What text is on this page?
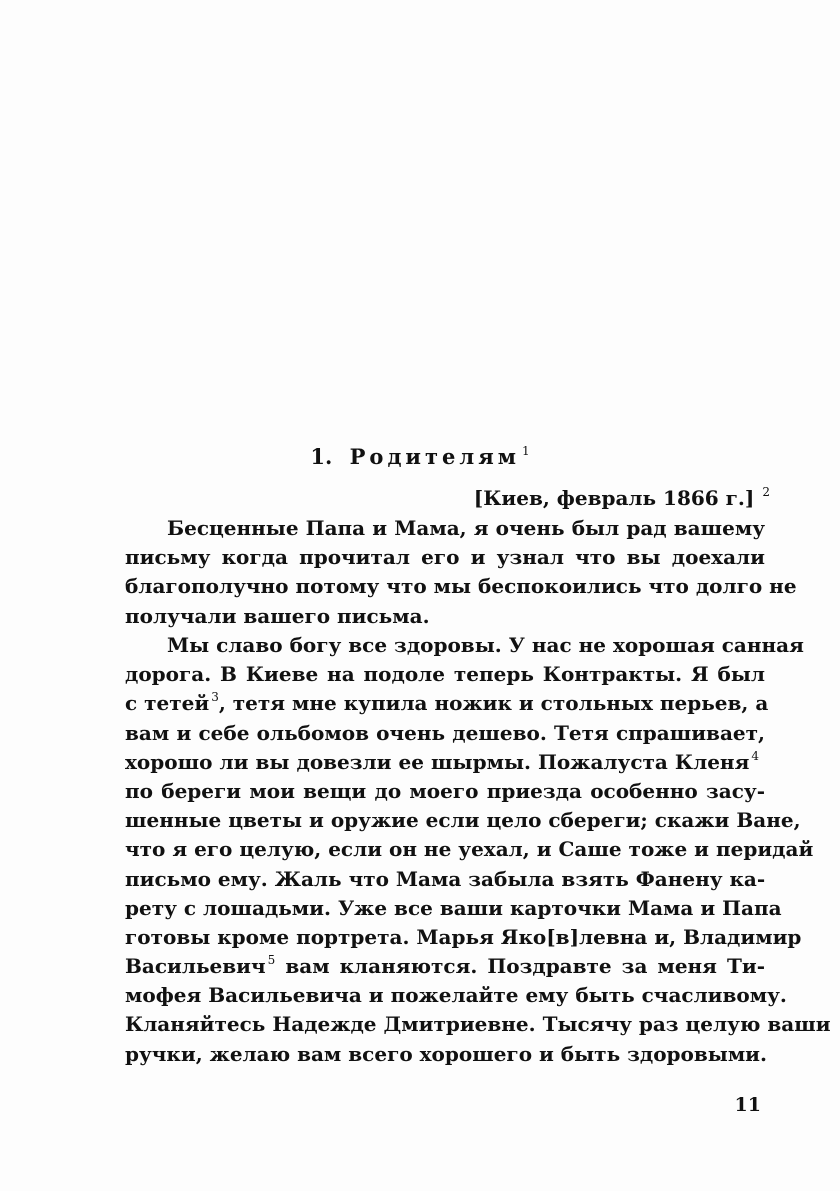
1. Родителям $^1$
[Киев, февраль 1866 г.] $^2$
Бесценные Папа и Мама, я очень был рад вашему
письму когда прочитал его и узнал что вы доехали
благополучно потому что мы беспокоились что долго не
получали вашего письма.
Мы славо богу все здоровы. У нас не хорошая санная
дорога. В Киеве на подоле теперь Контракты. Я был
с тетей $^3$, тетя мне купила ножик и стольных перьев, а
вам и себе ольбомов очень дешево. Тетя спрашивает,
хорошо ли вы довезли ее шырмы. Пожалуста Кленя $^4$
по береги мои вещи до моего приезда особенно засу-
шенные цветы и оружие если цело сбереги; скажи Ване,
что я его целую, если он не уехал, и Саше тоже и перидай
письмо ему. Жаль что Мама забыла взять Фанену ка-
рету с лошадьми. Уже все ваши карточки Мама и Папа
готовы кроме портрета. Марья Яко[в]левна и, Владимир
Васильевич $^5$ вам кланяются. Поздравте за меня Ти-
мофея Васильевича и пожелайте ему быть счасливому.
Кланяйтесь Надежде Дмитриевне. Тысячу раз целую ваши
ручки, желаю вам всего хорошего и быть здоровыми.
11
